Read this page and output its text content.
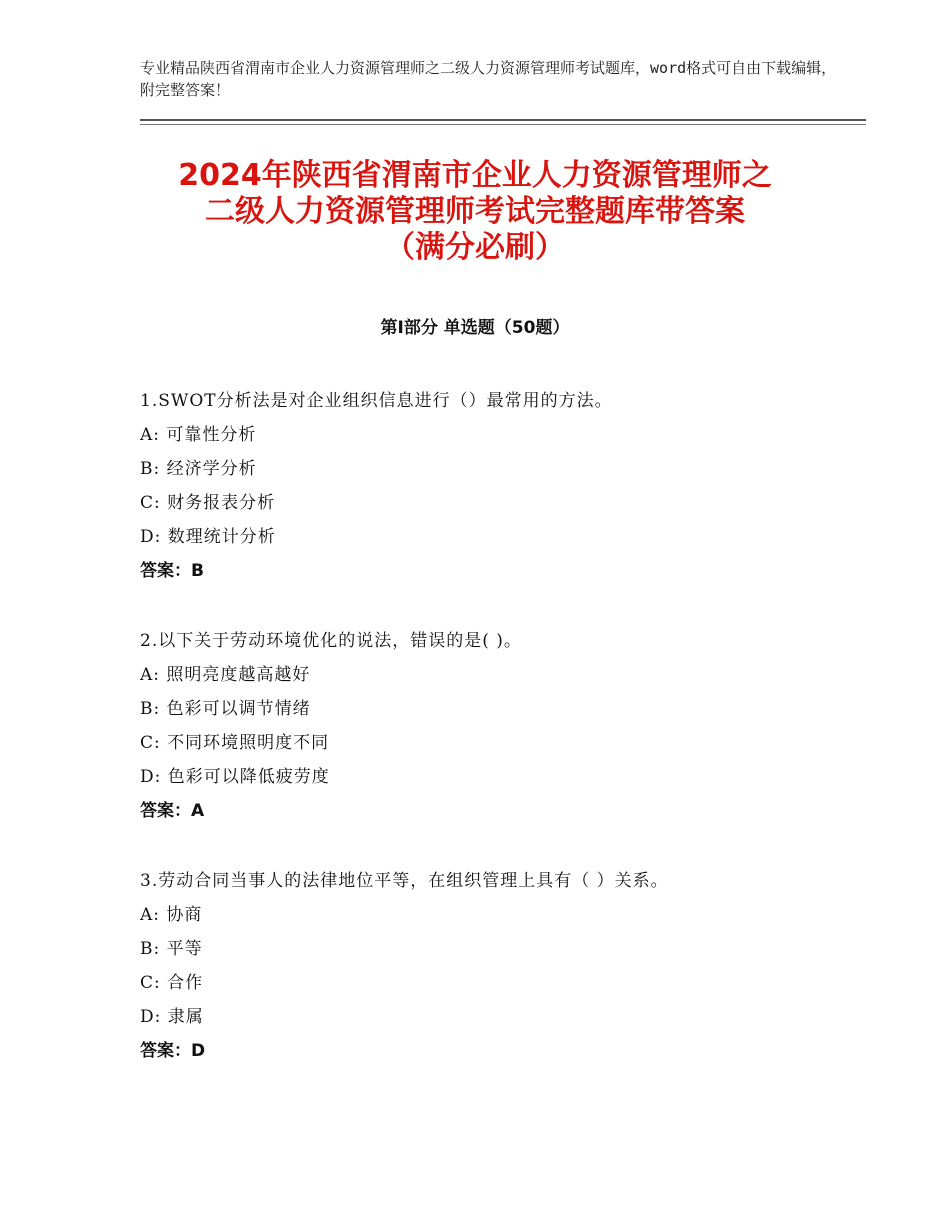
专业精品陕西省渭南市企业人力资源管理师之二级人力资源管理师考试题库，word格式可自由下载编辑，附完整答案！
2024年陕西省渭南市企业人力资源管理师之
二级人力资源管理师考试完整题库带答案
（满分必刷）
第Ⅰ部分 单选题（50题）
1.SWOT分析法是对企业组织信息进行（）最常用的方法。
A: 可靠性分析
B: 经济学分析
C: 财务报表分析
D: 数理统计分析
答案：B
2.以下关于劳动环境优化的说法，错误的是( )。
A: 照明亮度越高越好
B: 色彩可以调节情绪
C: 不同环境照明度不同
D: 色彩可以降低疲劳度
答案：A
3.劳动合同当事人的法律地位平等，在组织管理上具有（ ）关系。
A: 协商
B: 平等
C: 合作
D: 隶属
答案：D
